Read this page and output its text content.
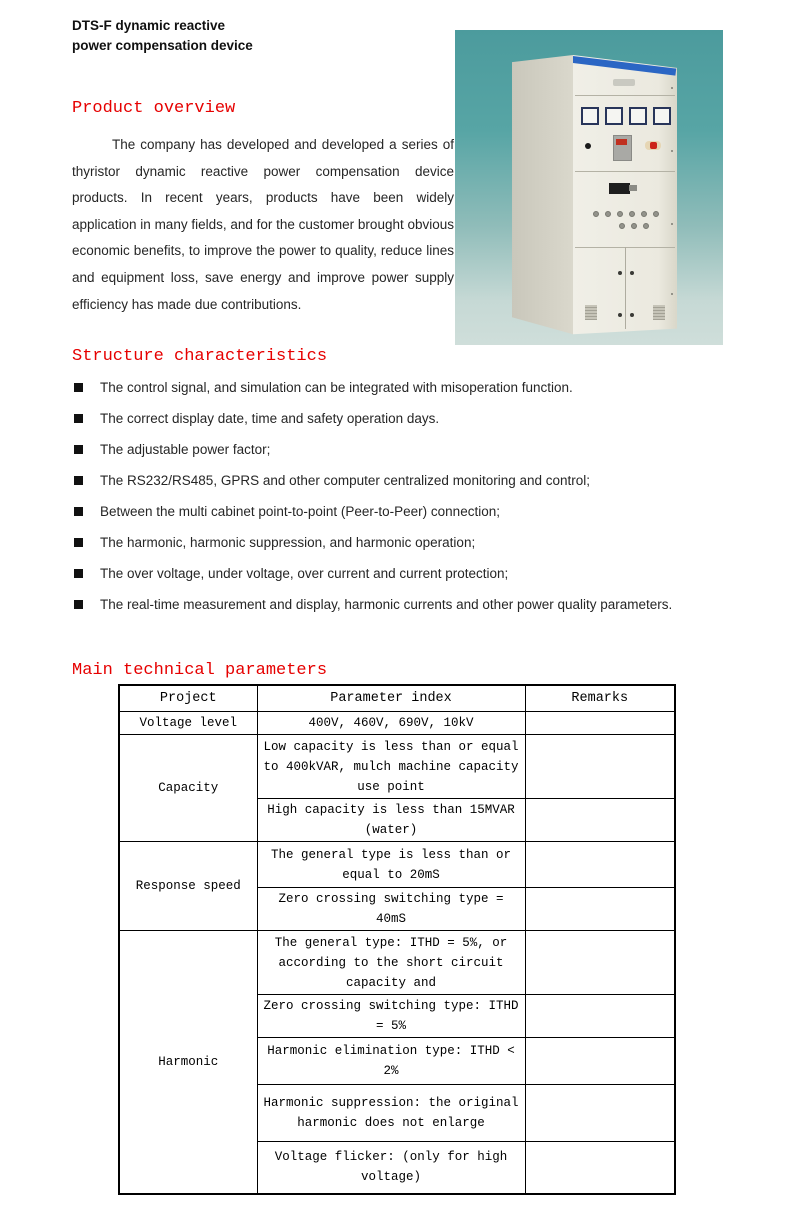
DTS-F dynamic reactive
power compensation device
Product overview

The company has developed and developed a series of thyristor dynamic reactive power compensation device products. In recent years, products have been widely application in many fields, and for the customer brought obvious economic benefits, to improve the power to quality, reduce lines and equipment loss, save energy and improve power supply efficiency has made due contributions.

Structure characteristics
The control signal, and simulation can be integrated with misoperation function.
The correct display date, time and safety operation days.
The adjustable power factor;
The RS232/RS485, GPRS and other computer centralized monitoring and control;
Between the multi cabinet point-to-point (Peer-to-Peer) connection;
The harmonic, harmonic suppression, and harmonic operation;
The over voltage, under voltage, over current and current protection;
The real-time measurement and display, harmonic currents and other power quality parameters.
Main technical parameters
Project	Parameter index	Remarks
Voltage level	400V, 460V, 690V, 10kV	
Capacity	Low capacity is less than or equal to 400kVAR, mulch machine capacity use point	
	High capacity is less than 15MVAR (water)	
Response speed	The general type is less than or equal to 20mS	
	Zero crossing switching type = 40mS	
Harmonic	The general type: ITHD = 5%, or according to the short circuit capacity and	
	Zero crossing switching type: ITHD = 5%	
	Harmonic elimination type: ITHD < 2%	
	Harmonic suppression: the original harmonic does not enlarge	
	Voltage flicker: (only for high voltage)	
